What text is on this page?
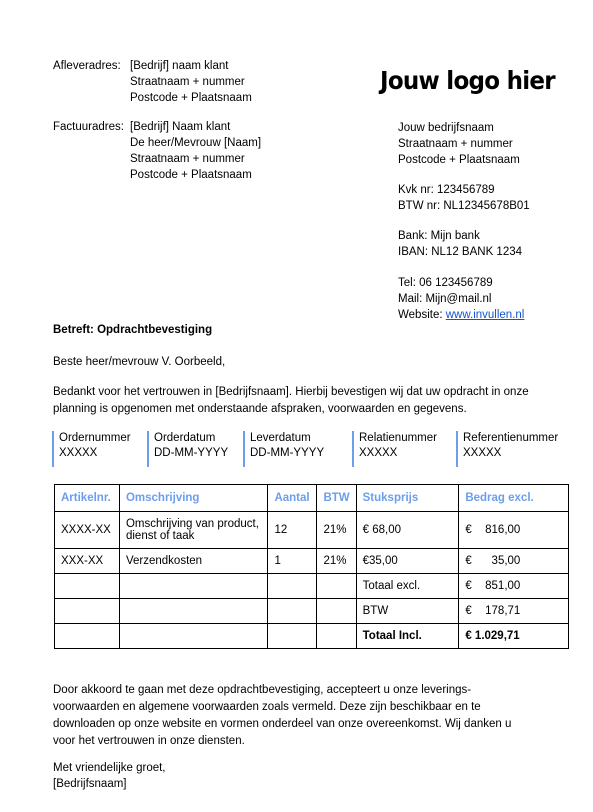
Afleveradres: [Bedrijf] naam klant
Straatnaam + nummer
Postcode + Plaatsnaam
Factuuradres: [Bedrijf] Naam klant
De heer/Mevrouw [Naam]
Straatnaam + nummer
Postcode + Plaatsnaam
Jouw logo hier
Jouw bedrijfsnaam
Straatnaam + nummer
Postcode + Plaatsnaam
Kvk nr: 123456789
BTW nr: NL12345678B01
Bank: Mijn bank
IBAN: NL12 BANK 1234
Tel: 06 123456789
Mail: Mijn@mail.nl
Website: www.invullen.nl
Betreft: Opdrachtbevestiging
Beste heer/mevrouw V. Oorbeeld,
Bedankt voor het vertrouwen in [Bedrijfsnaam]. Hierbij bevestigen wij dat uw opdracht in onze planning is opgenomen met onderstaande afspraken, voorwaarden en gegevens.
Ordernummer
XXXXX
Orderdatum
DD-MM-YYYY
Leverdatum
DD-MM-YYYY
Relatienummer
XXXXX
Referentienummer
XXXXX
Artikelnr.	Omschrijving	Aantal	BTW	Stuksprijs	Bedrag excl.
XXXX-XX	Omschrijving van product, dienst of taak	12	21%	€ 68,00	€ 816,00

XXX-XX	Verzendkosten	1	21%	€35,00	€ 35,00

				Totaal excl.	€ 851,00

				BTW	€ 178,71

				Totaal Incl.	€ 1.029,71
Door akkoord te gaan met deze opdrachtbevestiging, accepteert u onze leverings- voorwaarden en algemene voorwaarden zoals vermeld. Deze zijn beschikbaar en te downloaden op onze website en vormen onderdeel van onze overeenkomst. Wij danken u voor het vertrouwen in onze diensten.
Met vriendelijke groet,
[Bedrijfsnaam]
